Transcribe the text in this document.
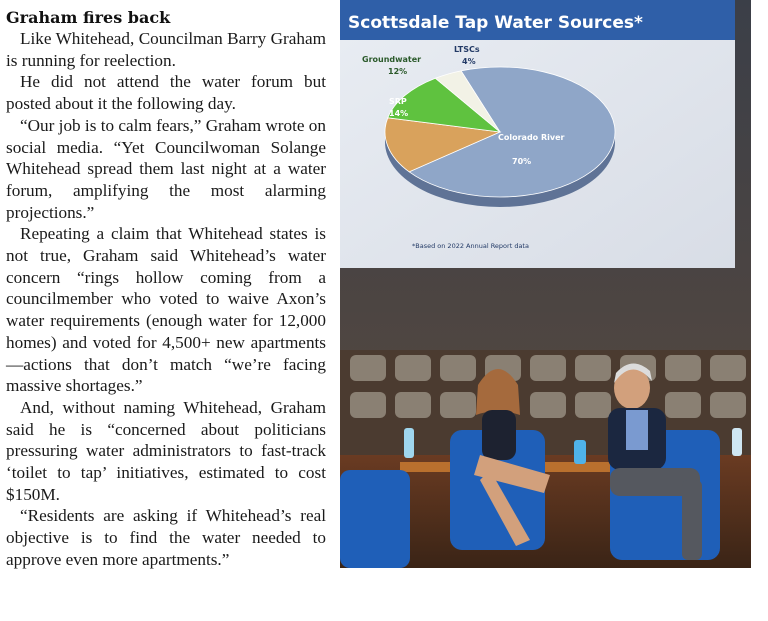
Graham fires back

Like Whitehead, Councilman Barry Graham is running for reelection.

He did not attend the water forum but posted about it the following day.

“Our job is to calm fears,” Graham wrote on social media. “Yet Councilwoman Solange Whitehead spread them last night at a water forum, amplifying the most alarming projections.”

Repeating a claim that Whitehead states is not true, Graham said Whitehead’s water concern “rings hollow coming from a councilmember who voted to waive Axon’s water requirements (enough water for 12,000 homes) and voted for 4,500+ new apartments—actions that don’t match “we’re facing massive shortages.”

And, without naming Whitehead, Graham said he is “concerned about politicians pressuring water administrators to fast-track ‘toilet to tap’ initiatives, estimated to cost $150M.

“Residents are asking if Whitehead’s real objective is to find the water needed to approve even more apartments.”

Scottsdale Tap Water Sources*
*Based on 2022 Annual Report data
Groundwater
12%
LTSCs
4%
SRP
14%
Colorado River
70%
